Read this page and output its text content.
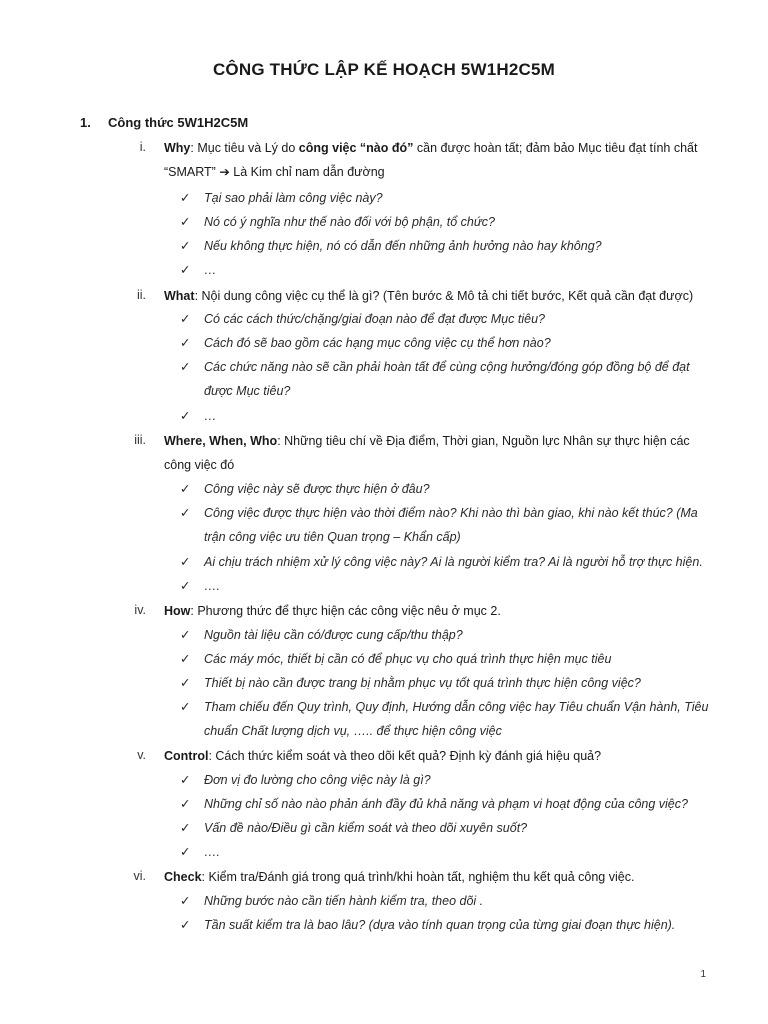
CÔNG THỨC LẬP KẾ HOẠCH 5W1H2C5M
1. Công thức 5W1H2C5M
i. Why: Mục tiêu và Lý do công việc “nào đó” cần được hoàn tất; đảm bảo Mục tiêu đạt tính chất “SMART” ➔ Là Kim chỉ nam dẫn đường
✓ Tại sao phải làm công việc này?
✓ Nó có ý nghĩa như thế nào đối với bộ phận, tổ chức?
✓ Nếu không thực hiện, nó có dẫn đến những ảnh hưởng nào hay không?
✓ …
ii. What: Nội dung công việc cụ thể là gì? (Tên bước & Mô tả chi tiết bước, Kết quả cần đạt được)
✓ Có các cách thức/chặng/giai đoạn nào để đạt được Mục tiêu?
✓ Cách đó sẽ bao gồm các hạng mục công việc cụ thể hơn nào?
✓ Các chức năng nào sẽ cần phải hoàn tất để cùng cộng hưởng/đóng góp đồng bộ để đạt được Mục tiêu?
✓ …
iii. Where, When, Who: Những tiêu chí về Địa điểm, Thời gian, Nguồn lực Nhân sự thực hiện các công việc đó
✓ Công việc này sẽ được thực hiện ở đâu?
✓ Công việc được thực hiện vào thời điểm nào? Khi nào thì bàn giao, khi nào kết thúc? (Ma trận công việc ưu tiên Quan trọng – Khẩn cấp)
✓ Ai chịu trách nhiệm xử lý công việc này? Ai là người kiểm tra? Ai là người hỗ trợ thực hiện.
✓ ….
iv. How: Phương thức để thực hiện các công việc nêu ở mục 2.
✓ Nguồn tài liệu cần có/được cung cấp/thu thập?
✓ Các máy móc, thiết bị cần có để phục vụ cho quá trình thực hiện mục tiêu
✓ Thiết bị nào cần được trang bị nhằm phục vụ tốt quá trình thực hiện công việc?
✓ Tham chiếu đến Quy trình, Quy định, Hướng dẫn công việc hay Tiêu chuẩn Vận hành, Tiêu chuẩn Chất lượng dịch vụ, ….. để thực hiện công việc
v. Control: Cách thức kiểm soát và theo dõi kết quả? Định kỳ đánh giá hiệu quả?
✓ Đơn vị đo lường cho công việc này là gì?
✓ Những chỉ số nào nào phản ánh đầy đủ khả năng và phạm vi hoạt động của công việc?
✓ Vấn đề nào/Điều gì cần kiểm soát và theo dõi xuyên suốt?
✓ ….
vi. Check: Kiểm tra/Đánh giá trong quá trình/khi hoàn tất, nghiệm thu kết quả công việc.
✓ Những bước nào cần tiến hành kiểm tra, theo dõi .
✓ Tần suất kiểm tra là bao lâu? (dựa vào tính quan trọng của từng giai đoạn thực hiện).
1
